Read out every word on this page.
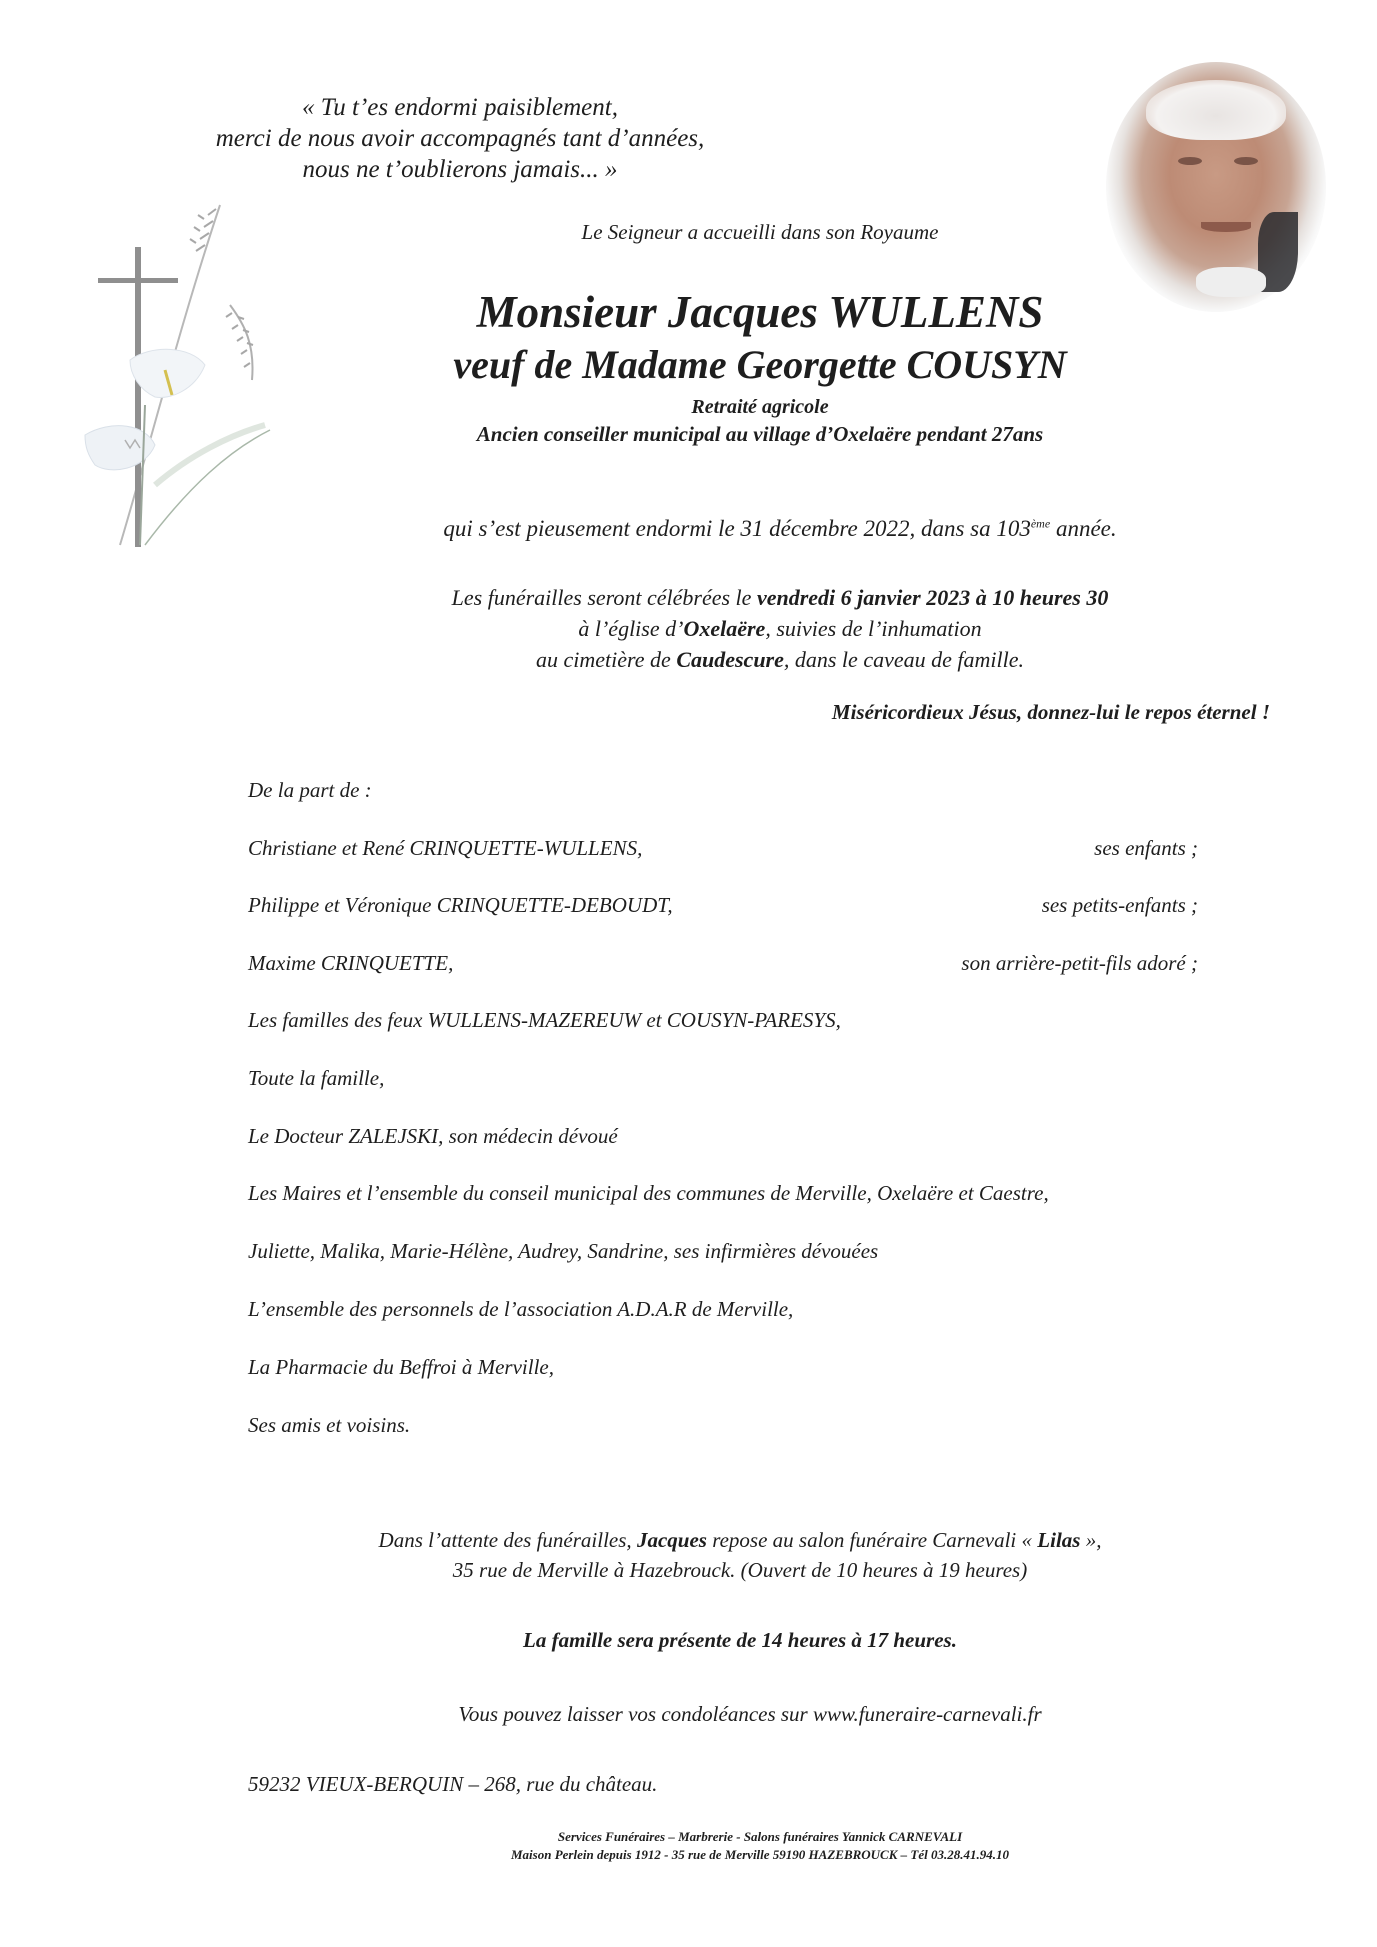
« Tu t’es endormi paisiblement,
merci de nous avoir accompagnés tant d’années,
nous ne t’oublierons jamais... »
Le Seigneur a accueilli dans son Royaume
Monsieur Jacques WULLENS
veuf de Madame Georgette COUSYN
Retraité agricole
Ancien conseiller municipal au village d’Oxelaëre pendant 27ans
qui s’est pieusement endormi le 31 décembre 2022, dans sa 103ème année.
Les funérailles seront célébrées le vendredi 6 janvier 2023 à 10 heures 30
à l’église d’Oxelaëre, suivies de l’inhumation
au cimetière de Caudescure, dans le caveau de famille.
Miséricordieux Jésus, donnez-lui le repos éternel !
De la part de :
Christiane et René CRINQUETTE-WULLENS,	ses enfants ;
Philippe et Véronique CRINQUETTE-DEBOUDT,	ses petits-enfants ;
Maxime CRINQUETTE,	son arrière-petit-fils adoré ;
Les familles des feux WULLENS-MAZEREUW et COUSYN-PARESYS,
Toute la famille,
Le Docteur ZALEJSKI, son médecin dévoué
Les Maires et l’ensemble du conseil municipal des communes de Merville, Oxelaëre et Caestre,
Juliette, Malika, Marie-Hélène, Audrey, Sandrine, ses infirmières dévouées
L’ensemble des personnels de l’association A.D.A.R de Merville,
La Pharmacie du Beffroi à Merville,
Ses amis et voisins.
Dans l’attente des funérailles, Jacques repose au salon funéraire Carnevali « Lilas »,
35 rue de Merville à Hazebrouck. (Ouvert de 10 heures à 19 heures)
La famille sera présente de 14 heures à 17 heures.
Vous pouvez laisser vos condoléances sur www.funeraire-carnevali.fr
59232 VIEUX-BERQUIN – 268, rue du château.
Services Funéraires – Marbrerie - Salons funéraires Yannick CARNEVALI
Maison Perlein depuis 1912 - 35 rue de Merville 59190 HAZEBROUCK – Tél 03.28.41.94.10
